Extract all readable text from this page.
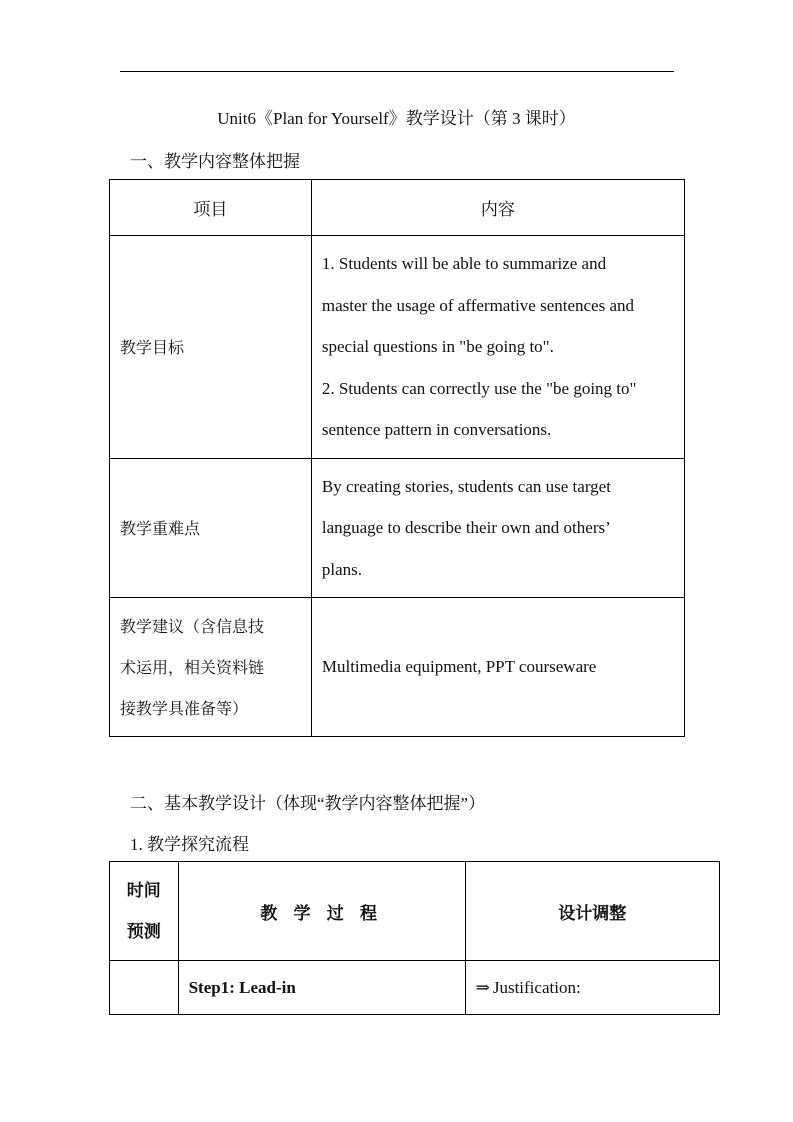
Unit6《Plan for Yourself》教学设计（第 3 课时）
一、教学内容整体把握
项目	内容
教学目标	1. Students will be able to summarize and
master the usage of affermative sentences and
special questions in "be going to".
2. Students can correctly use the "be going to"
sentence pattern in conversations.

教学重难点	By creating stories, students can use target
language to describe their own and others’
plans.

教学建议（含信息技
术运用，相关资料链
接教学具准备等）	Multimedia equipment, PPT courseware
二、基本教学设计（体现“教学内容整体把握”）
1. 教学探究流程
时间
预测	教 学 过 程	设计调整
	Step1: Lead-in	⇒ Justification:
